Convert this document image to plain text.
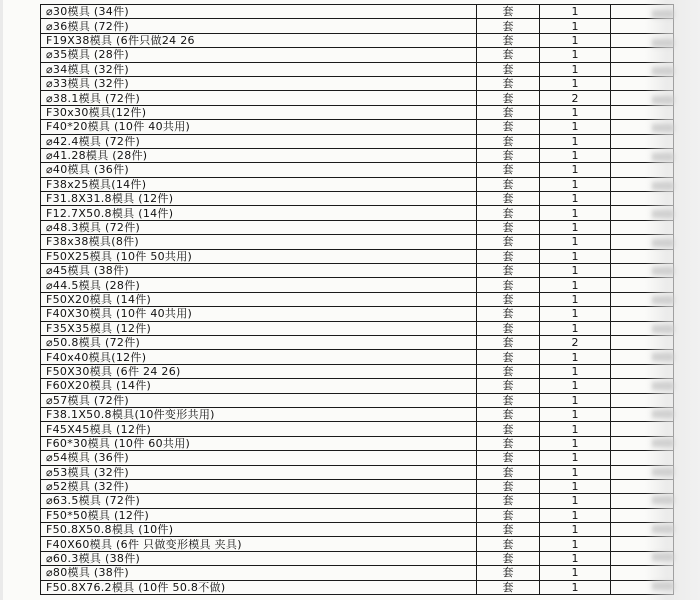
⌀30模具 (34件)	套	1	
⌀36模具 (72件)	套	1	
F19X38模具 (6件只做24 26	套	1	
⌀35模具 (28件)	套	1	
⌀34模具 (32件)	套	1	
⌀33模具 (32件)	套	1	
⌀38.1模具 (72件)	套	2	
F30x30模具(12件)	套	1	
F40*20模具 (10件 40共用)	套	1	
⌀42.4模具 (72件)	套	1	
⌀41.28模具 (28件)	套	1	
⌀40模具 (36件)	套	1	
F38x25模具(14件)	套	1	
F31.8X31.8模具 (12件)	套	1	
F12.7X50.8模具 (14件)	套	1	
⌀48.3模具 (72件)	套	1	
F38x38模具(8件)	套	1	
F50X25模具 (10件 50共用)	套	1	
⌀45模具 (38件)	套	1	
⌀44.5模具 (28件)	套	1	
F50X20模具 (14件)	套	1	
F40X30模具 (10件 40共用)	套	1	
F35X35模具 (12件)	套	1	
⌀50.8模具 (72件)	套	2	
F40x40模具(12件)	套	1	
F50X30模具 (6件 24 26)	套	1	
F60X20模具 (14件)	套	1	
⌀57模具 (72件)	套	1	
F38.1X50.8模具(10件变形共用)	套	1	
F45X45模具 (12件)	套	1	
F60*30模具 (10件 60共用)	套	1	
⌀54模具 (36件)	套	1	
⌀53模具 (32件)	套	1	
⌀52模具 (32件)	套	1	
⌀63.5模具 (72件)	套	1	
F50*50模具 (12件)	套	1	
F50.8X50.8模具 (10件)	套	1	
F40X60模具 (6件 只做变形模具 夹具)	套	1	
⌀60.3模具 (38件)	套	1	
⌀80模具 (38件)	套	1	
F50.8X76.2模具 (10件 50.8不做)	套	1	
